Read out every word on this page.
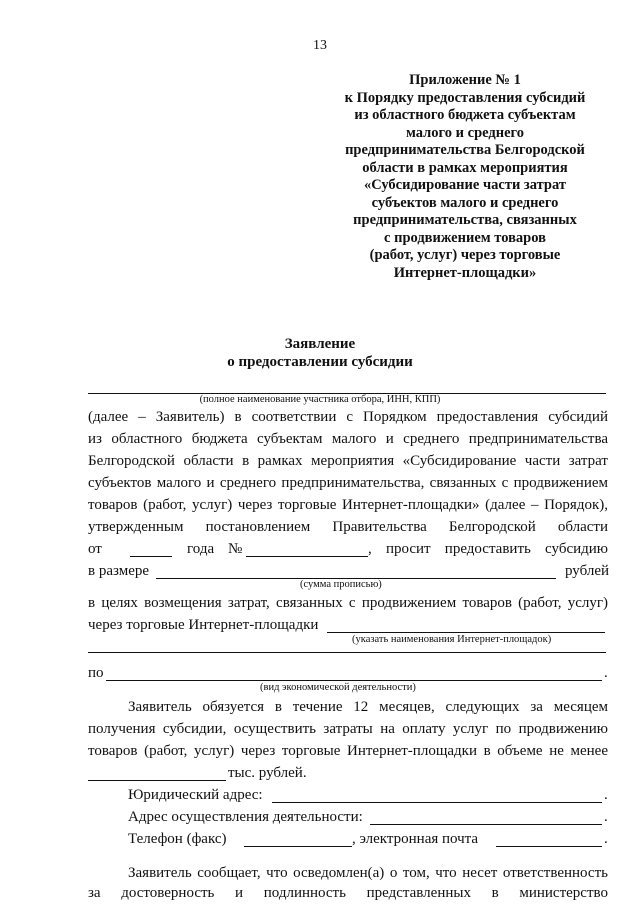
13
Приложение № 1
к Порядку предоставления субсидий
из областного бюджета субъектам
малого и среднего
предпринимательства Белгородской
области в рамках мероприятия
«Субсидирование части затрат
субъектов малого и среднего
предпринимательства, связанных
с продвижением товаров
(работ, услуг) через торговые
Интернет-площадки»
Заявление
о предоставлении субсидии
(полное наименование участника отбора, ИНН, КПП)
(далее – Заявитель) в соответствии с Порядком предоставления субсидий
из областного бюджета субъектам малого и среднего предпринимательства
Белгородской области в рамках мероприятия «Субсидирование части затрат
субъектов малого и среднего предпринимательства, связанных с продвижением
товаров (работ, услуг) через торговые Интернет-площадки» (далее – Порядок),
утвержденным постановлением Правительства Белгородской области
от	года №	, просит предоставить субсидию
в размере	рублей
(сумма прописью)
в целях возмещения затрат, связанных с продвижением товаров (работ, услуг)
через торговые Интернет-площадки
(указать наименования Интернет-площадок)
по	.
(вид экономической деятельности)
Заявитель обязуется в течение 12 месяцев, следующих за месяцем
получения субсидии, осуществить затраты на оплату услуг по продвижению
товаров (работ, услуг) через торговые Интернет-площадки в объеме не менее
тыс. рублей.
Юридический адрес:	.
Адрес осуществления деятельности:	.
Телефон (факс)	, электронная почта	.
Заявитель сообщает, что осведомлен(а) о том, что несет ответственность
за достоверность и подлинность представленных в министерство
